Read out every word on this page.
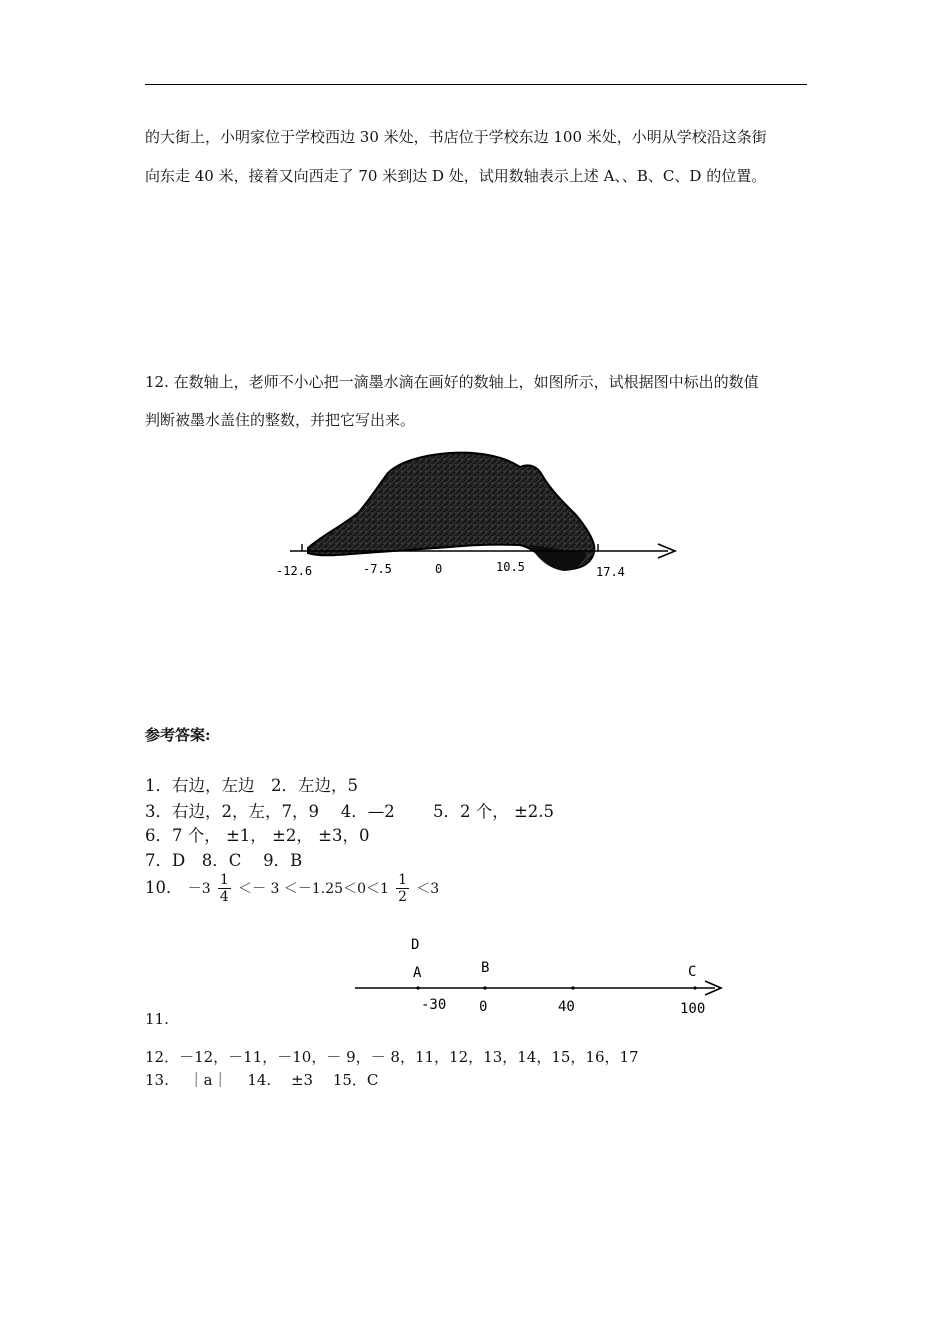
的大街上，小明家位于学校西边 30 米处，书店位于学校东边 100 米处，小明从学校沿这条街
向东走 40 米，接着又向西走了 70 米到达 D 处，试用数轴表示上述 A、、B、C、D 的位置。
12. 在数轴上，老师不小心把一滴墨水滴在画好的数轴上，如图所示，试根据图中标出的数值
判断被墨水盖住的整数，并把它写出来。
-12.6	-7.5	0	10.5	17.4
参考答案:
1．右边，左边　2．左边，5
3．右边，2，左，7，9　 4．—2　　 5．2 个， ±2.5
6．7 个， ±1， ±2， ±3，0
7．D　8．C　 9．B
10． $-3 \frac{1}{4} <- 3 <-1.25<0<1 \frac{1}{2} <3$
11.
D
A	B	C
-30 0	40	100
12．－12，－11，－10，－ 9，－ 8，11，12，13，14，15，16，17
13.　 ｜a｜　 14.　 ±3　 15．C
